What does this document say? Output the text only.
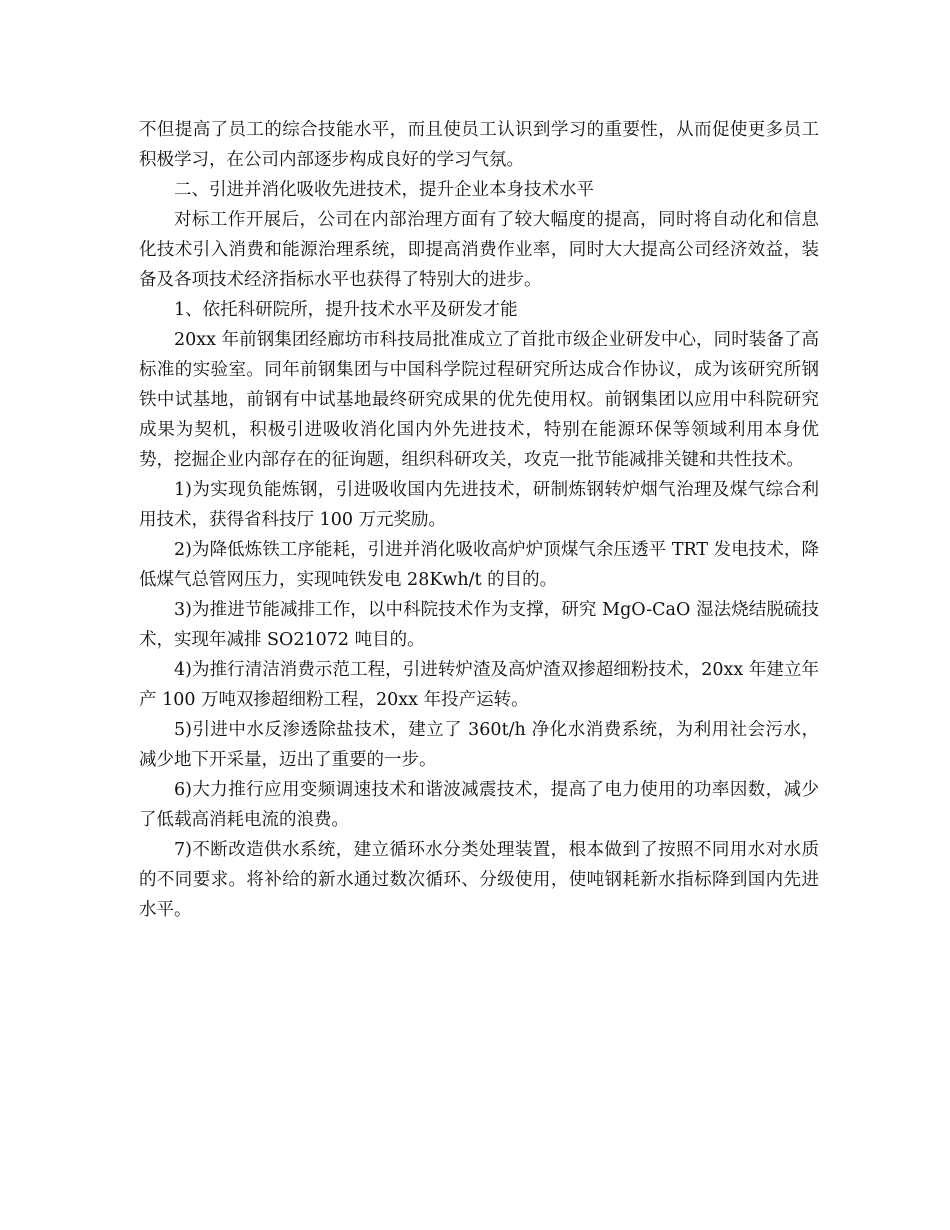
不但提高了员工的综合技能水平，而且使员工认识到学习的重要性，从而促使更多员工积极学习，在公司内部逐步构成良好的学习气氛。

二、引进并消化吸收先进技术，提升企业本身技术水平

对标工作开展后，公司在内部治理方面有了较大幅度的提高，同时将自动化和信息化技术引入消费和能源治理系统，即提高消费作业率，同时大大提高公司经济效益，装备及各项技术经济指标水平也获得了特别大的进步。

1、依托科研院所，提升技术水平及研发才能

20xx 年前钢集团经廊坊市科技局批准成立了首批市级企业研发中心，同时装备了高标准的实验室。同年前钢集团与中国科学院过程研究所达成合作协议，成为该研究所钢铁中试基地，前钢有中试基地最终研究成果的优先使用权。前钢集团以应用中科院研究成果为契机，积极引进吸收消化国内外先进技术，特别在能源环保等领域利用本身优势，挖掘企业内部存在的征询题，组织科研攻关，攻克一批节能减排关键和共性技术。

1)为实现负能炼钢，引进吸收国内先进技术，研制炼钢转炉烟气治理及煤气综合利用技术，获得省科技厅 100 万元奖励。

2)为降低炼铁工序能耗，引进并消化吸收高炉炉顶煤气余压透平 TRT 发电技术，降低煤气总管网压力，实现吨铁发电 28Kwh/t 的目的。

3)为推进节能减排工作，以中科院技术作为支撑，研究 MgO-CaO 湿法烧结脱硫技术，实现年减排 SO21072 吨目的。

4)为推行清洁消费示范工程，引进转炉渣及高炉渣双掺超细粉技术，20xx 年建立年产 100 万吨双掺超细粉工程，20xx 年投产运转。

5)引进中水反渗透除盐技术，建立了 360t/h 净化水消费系统，为利用社会污水，减少地下开采量，迈出了重要的一步。

6)大力推行应用变频调速技术和谐波减震技术，提高了电力使用的功率因数，减少了低载高消耗电流的浪费。

7)不断改造供水系统，建立循环水分类处理装置，根本做到了按照不同用水对水质的不同要求。将补给的新水通过数次循环、分级使用，使吨钢耗新水指标降到国内先进水平。
